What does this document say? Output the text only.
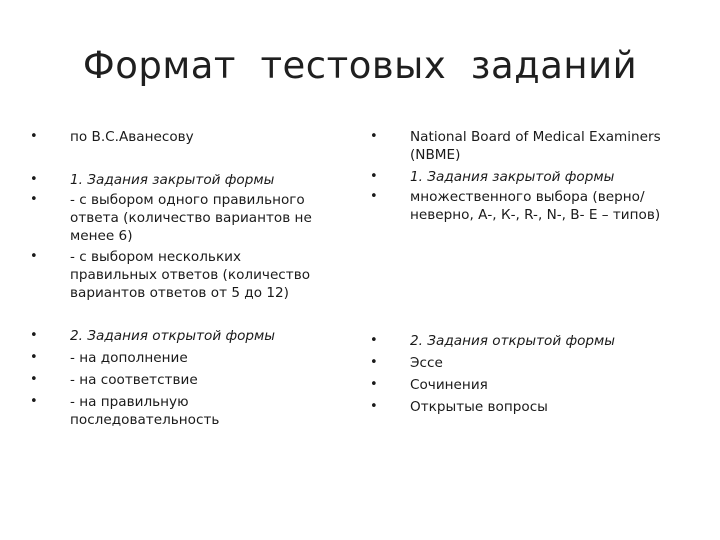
Формат  тестовых  заданий
•	по В.С.Аванесову
•	1. Задания закрытой формы
•	- с выбором одного правильного ответа (количество вариантов не менее 6)
•	- с выбором нескольких правильных ответов (количество вариантов ответов от 5 до 12)
•	2. Задания открытой формы
•	- на дополнение
•	- на соответствие
•	- на правильную последовательность
•	National Board of Medical Examiners (NBME)
•	1. Задания закрытой формы
•	множественного выбора (верно/неверно, А-, К-, R-, N-, В- Е – типов)
•	2. Задания открытой формы
•	Эссе
•	Сочинения
•	Открытые вопросы
